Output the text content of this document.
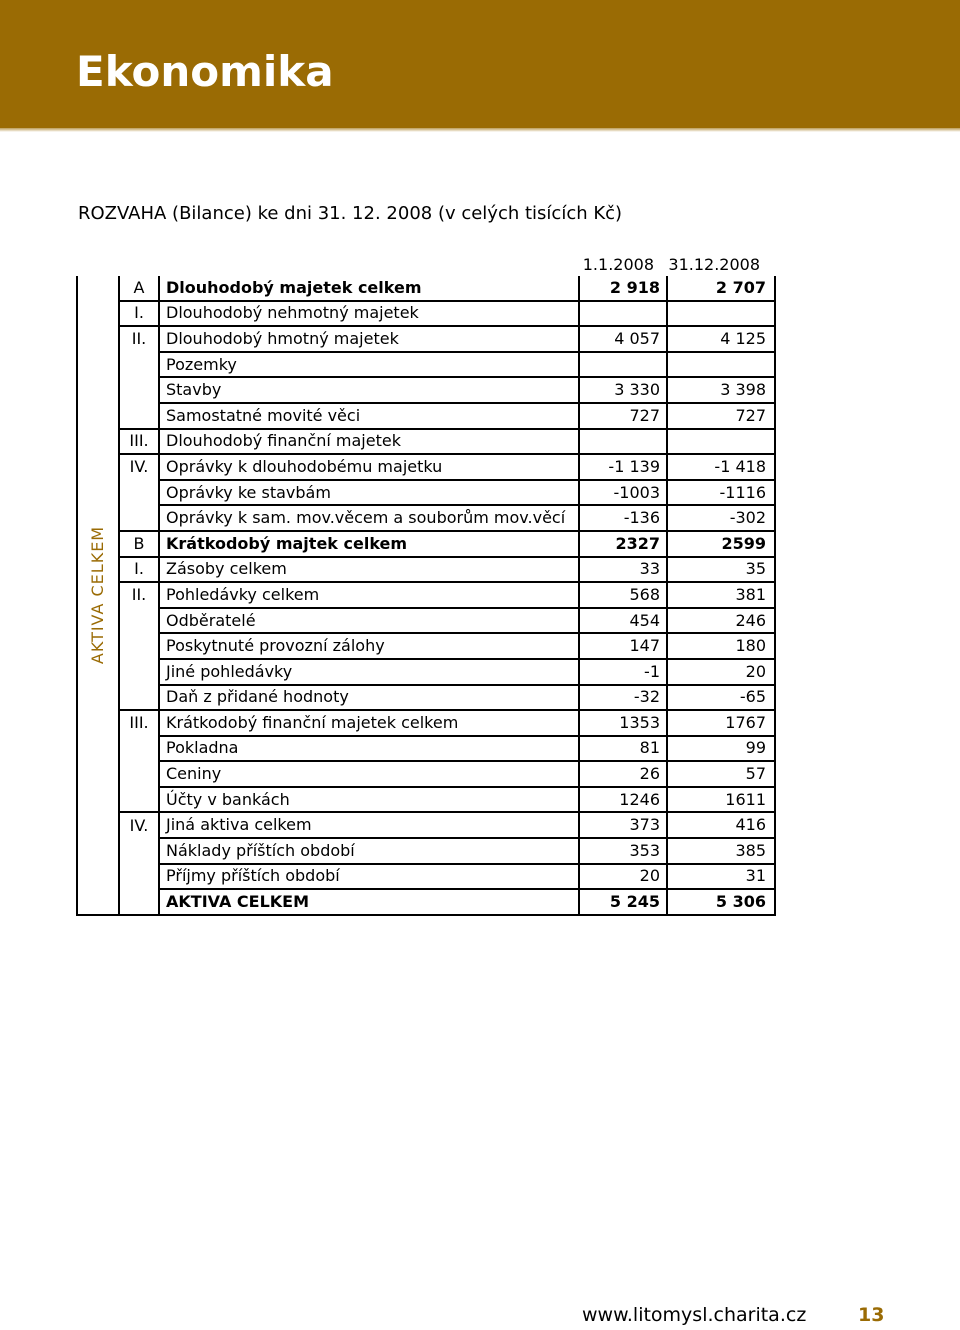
Ekonomika
ROZVAHA (Bilance) ke dni 31. 12. 2008 (v celých tisících Kč)
1.1.2008 31.12.2008
AKTIVA CELKEM	A	Dlouhodobý majetek celkem	2 918	2 707
	I.	Dlouhodobý nehmotný majetek		
	II.	Dlouhodobý hmotný majetek	4 057	4 125
		Pozemky		
		Stavby	3 330	3 398
		Samostatné movité věci	727	727
	III.	Dlouhodobý finanční majetek		
	IV.	Oprávky k dlouhodobému majetku	-1 139	-1 418
		Oprávky ke stavbám	-1003	-1116
		Oprávky k sam. mov.věcem a souborům mov.věcí	-136	-302
	B	Krátkodobý majtek celkem	2327	2599
	I.	Zásoby celkem	33	35
	II.	Pohledávky celkem	568	381
		Odběratelé	454	246
		Poskytnuté provozní zálohy	147	180
		Jiné pohledávky	-1	20
		Daň z přidané hodnoty	-32	-65
	III.	Krátkodobý finanční majetek celkem	1353	1767
		Pokladna	81	99
		Ceniny	26	57
		Účty v bankách	1246	1611
	IV.	Jiná aktiva celkem	373	416
		Náklady příštích období	353	385
		Příjmy příštích období	20	31
		AKTIVA CELKEM	5 245	5 306
www.litomysl.charita.cz	13
